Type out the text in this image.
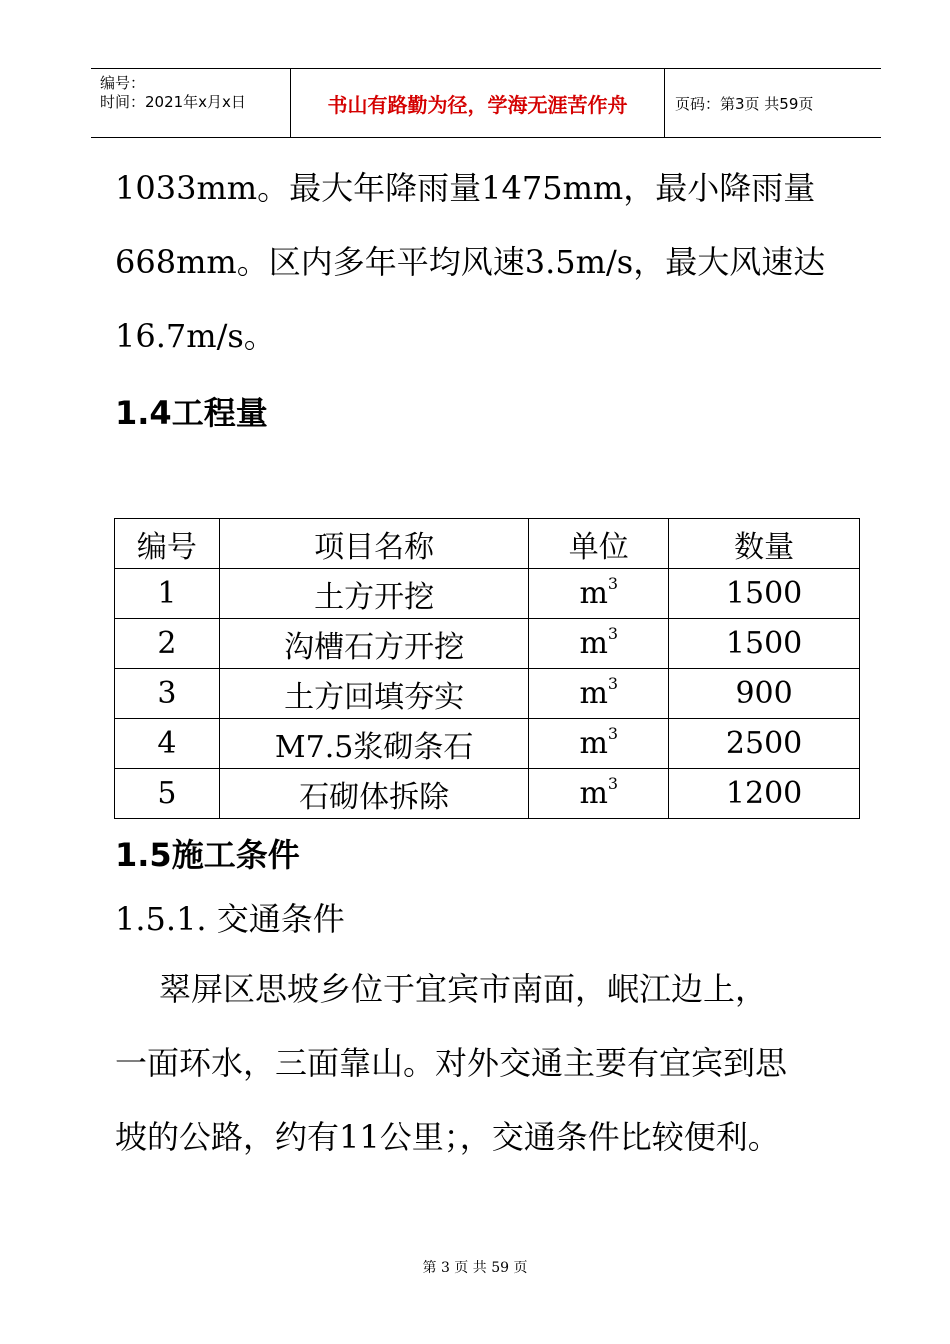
编号：
时间：2021年x月x日	书山有路勤为径，学海无涯苦作舟	页码：第3页 共59页
1033mm。最大年降雨量1475mm，最小降雨量
668mm。区内多年平均风速3.5m/s，最大风速达
16.7m/s。
1.4工程量
编号	项目名称	单位	数量
1	土方开挖	$m^3$	1500
2	沟槽石方开挖	$m^3$	1500
3	土方回填夯实	$m^3$	900
4	M7.5浆砌条石	$m^3$	2500
5	石砌体拆除	$m^3$	1200
1.5施工条件
1.5.1. 交通条件
翠屏区思坡乡位于宜宾市南面，岷江边上，
一面环水，三面靠山。对外交通主要有宜宾到思
坡的公路，约有11公里；，交通条件比较便利。
第 3 页 共 59 页
